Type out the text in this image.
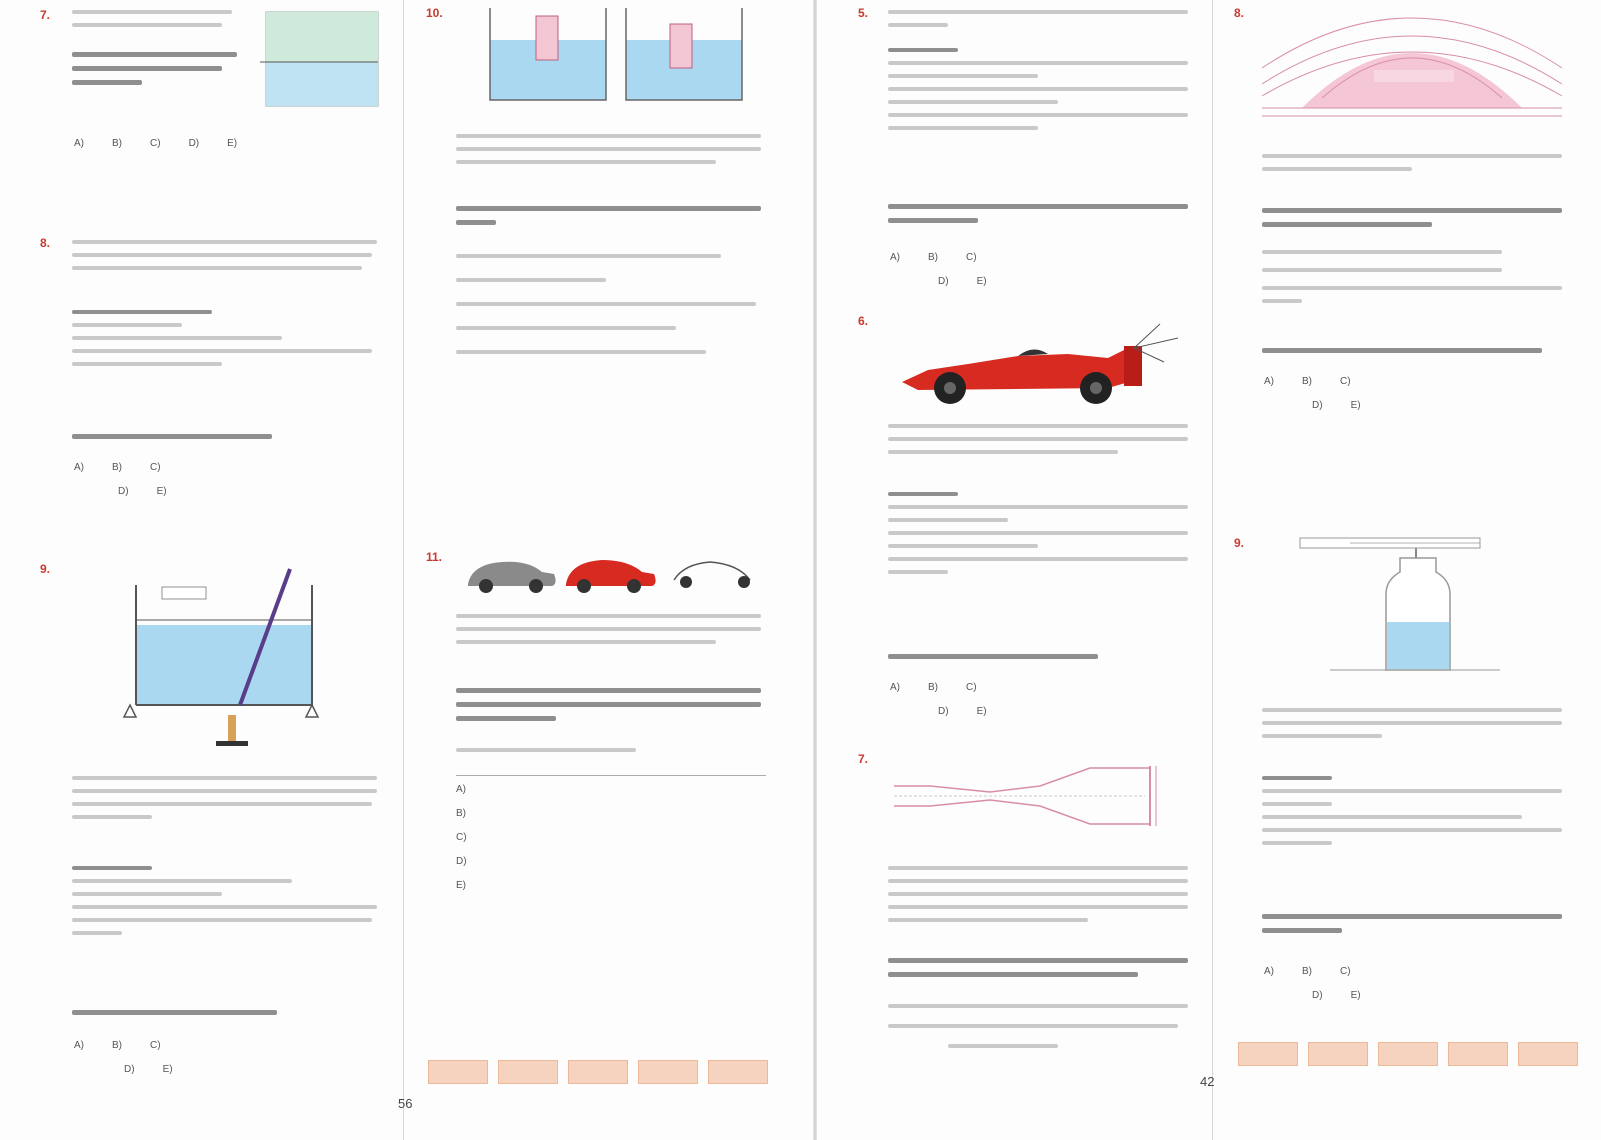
7.
A)	B)	C)	D)	E)
8.
A)	B)	C)
D)	E)
9.
A)	B)	C)
D)	E)
10.
11.
A)
B)
C)
D)
E)
56
5.
A)	B)	C)
D)	E)
6.
A)	B)	C)
D)	E)
7.
42
8.
A)	B)	C)
D)	E)
9.
A)	B)	C)
D)	E)
